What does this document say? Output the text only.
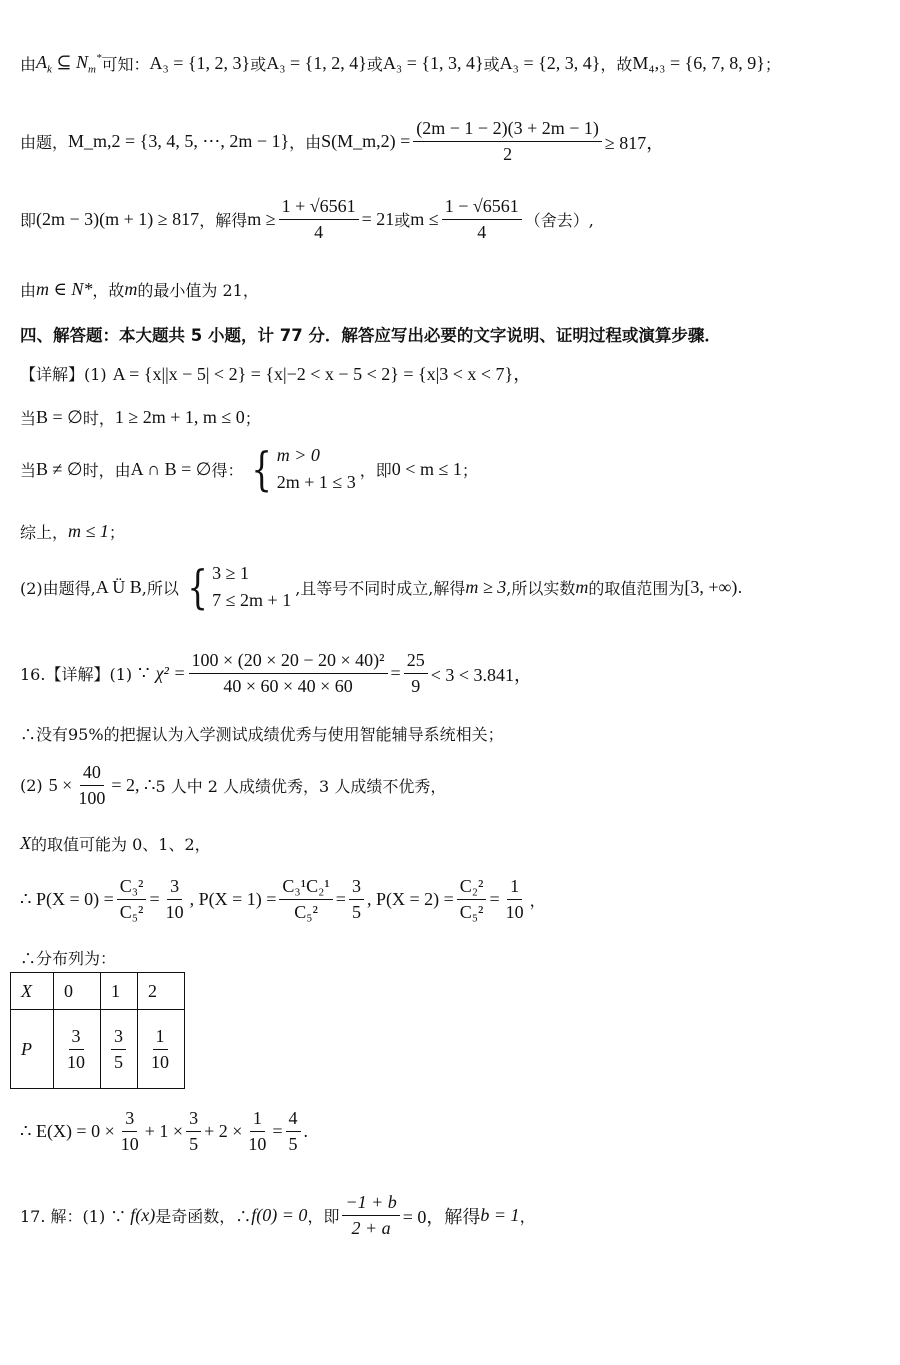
由 $A_k$ ⊆ $N_m^*$ 可知： A₃ = {1, 2, 3} 或 A₃ = {1, 2, 4} 或 A₃ = {1, 3, 4} 或 A₃ = {2, 3, 4} ，故 M₄,₃ = {6, 7, 8, 9} ；
由题， M_m,2 = {3, 4, 5, ⋯, 2m − 1} ，由 S(M_m,2) = $\frac{(2m - 1 - 2)(3 + 2m - 1)}{2} \ge 817$，
即 (2m − 3)(m + 1) ≥ 817 ，解得 $m \ge \frac{1 + √6561}{4} = 21$ 或 $m \le \frac{1 - √6561}{4}$ （舍去）,
由 m ∈ N* ，故 m 的最小值为 21，
四、解答题：本大题共 5 小题，计 77 分．解答应写出必要的文字说明、证明过程或演算步骤．
【详解】(1) A = {x||x − 5| < 2} = {x|−2 < x − 5 < 2} = {x|3 < x < 7}，
当 B = ∅ 时， 1 ≥ 2m + 1, m ≤ 0 ；
当 B ≠ ∅ 时，由 A ∩ B = ∅ 得： { m > 0
2m + 1 ≤ 3
，即 0 < m ≤ 1 ；
综上， m ≤ 1 ；
(2)由题得, A Ü B ,所以 { 3 ≥ 1
7 ≤ 2m + 1
,且等号不同时成立,解得 m ≥ 3 ,所以实数 m 的取值范围为 [3, +∞) .
16.【详解】(1) ∵ $\chi^2 = \frac{\text{100 × (20 × 20 − 20 × 40)²}}{40 \times 60 \times 40 \times 60} = \frac{25}{9} < 3 < 3.841$，
∴没有95%的把握认为入学测试成绩优秀与使用智能辅导系统相关；
(2) $5 \times \frac{40}{100} = 2$, ∴ 5 人中 2 人成绩优秀，3 人成绩不优秀，
X 的取值可能为 0、1、2，
∴ $P(X = 0) = \frac{\text{C₃²}}{\text{C₅²}} = \frac{3}{10}$ , $P(X = 1) = \frac{\text{C₃¹C₂¹}}{\text{C₅²}} = \frac{3}{5}$ , $P(X = 2) = \frac{\text{C₂²}}{\text{C₅²}} = \frac{1}{10}$ ，
∴分布列为：
X	0	1	2
P	$\frac{3}{10}$	$\frac{3}{5}$	$\frac{1}{10}$
∴ $E(X) = 0 \times \frac{3}{10} + 1 \times \frac{3}{5} + 2 \times \frac{1}{10} = \frac{4}{5}$ .
17. 解：(1) ∵ f(x) 是奇函数，∴ f(0) = 0 ，即 $\frac{-1 + b}{2 + a} = 0$，解得 b = 1 ，
